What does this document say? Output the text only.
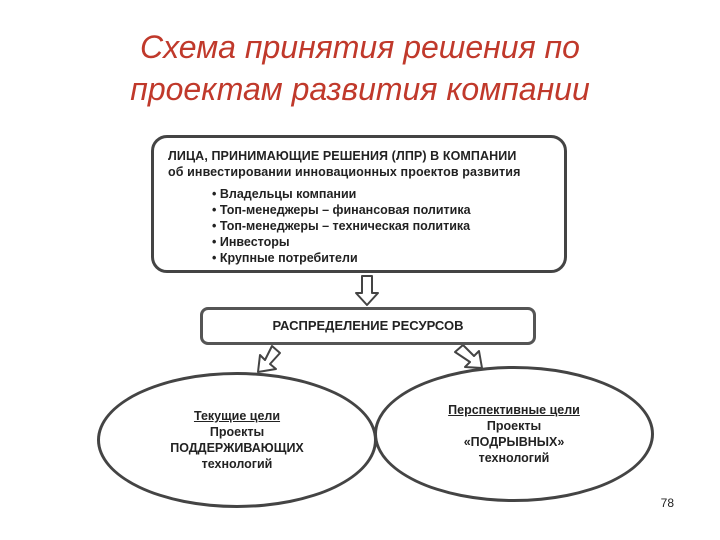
Схема принятия решения по
проектам развития компании
ЛИЦА, ПРИНИМАЮЩИЕ РЕШЕНИЯ (ЛПР) В КОМПАНИИ
об инвестировании инновационных проектов развития
• Владельцы компании
• Топ-менеджеры – финансовая политика
• Топ-менеджеры – техническая политика
• Инвесторы
• Крупные потребители
РАСПРЕДЕЛЕНИЕ РЕСУРСОВ
Текущие цели
Проекты
ПОДДЕРЖИВАЮЩИХ
технологий
Перспективные цели
Проекты
«ПОДРЫВНЫХ»
технологий
78
